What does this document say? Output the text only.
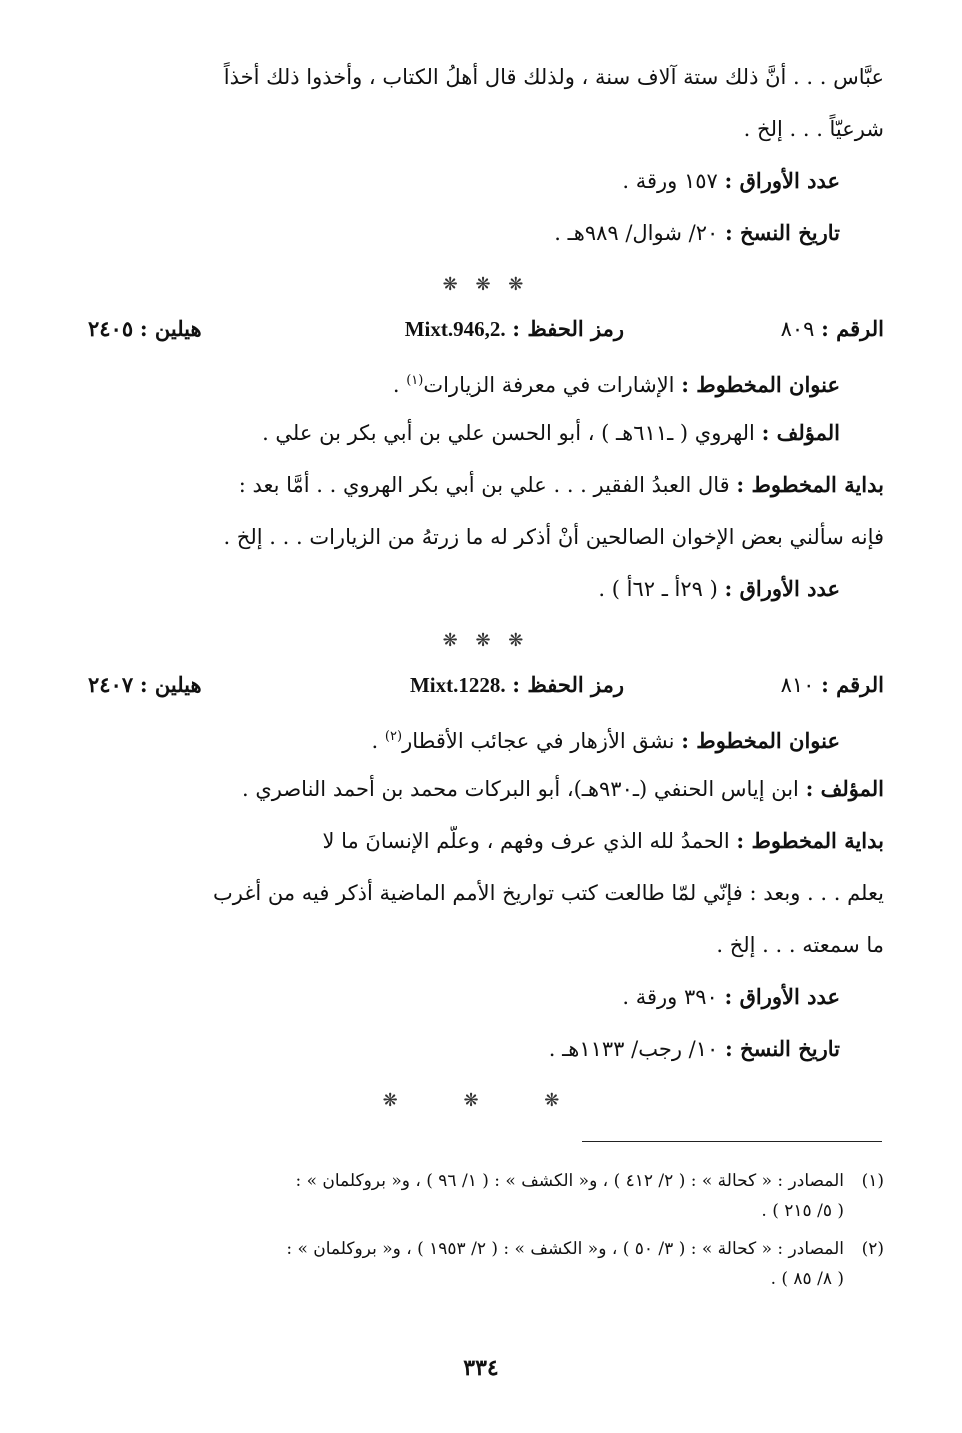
عبَّاس . . . أنَّ ذلك ستة آلاف سنة ، ولذلك قال أهلُ الكتاب ، وأخذوا ذلك أخذاً
شرعيّاً . . . إلخ .
عدد الأوراق : ١٥٧ ورقة .
تاريخ النسخ : ٢٠/ شوال/ ٩٨٩هـ .
❋ ❋ ❋
الرقم : ٨٠٩
رمز الحفظ : Mixt.946,2.
هيلين : ٢٤٠٥
عنوان المخطوط : الإشارات في معرفة الزيارات$^{(١)}$ .
المؤلف : الهروي ( ـ٦١١هـ ) ، أبو الحسن علي بن أبي بكر بن علي .
بداية المخطوط : قال العبدُ الفقير . . . علي بن أبي بكر الهروي . . أمَّا بعد :
فإنه سألني بعض الإخوان الصالحين أنْ أذكر له ما زرتهُ من الزيارات . . . إلخ .
عدد الأوراق : ( ٢٩أ ـ ٦٢أ ) .
❋ ❋ ❋
الرقم : ٨١٠
رمز الحفظ : Mixt.1228.
هيلين : ٢٤٠٧
عنوان المخطوط : نشق الأزهار في عجائب الأقطار$^{(٢)}$ .
المؤلف : ابن إياس الحنفي (ـ٩٣٠هـ)، أبو البركات محمد بن أحمد الناصري .
بداية المخطوط : الحمدُ لله الذي عرف وفهم ، وعلَّم الإنسانَ ما لا
يعلم . . . وبعد : فإنّي لمّا طالعت كتب تواريخ الأمم الماضية أذكر فيه من أغرب
ما سمعته . . . إلخ .
عدد الأوراق : ٣٩٠ ورقة .
تاريخ النسخ : ١٠/ رجب/ ١١٣٣هـ .
❋ ❋ ❋
(١)المصادر : « كحالة » : ( ٢/ ٤١٢ ) ، و« الكشف » : ( ١/ ٩٦ ) ، و« بروكلمان » :
( ٥/ ٢١٥ ) .
(٢)المصادر : « كحالة » : ( ٣/ ٥٠ ) ، و« الكشف » : ( ٢/ ١٩٥٣ ) ، و« بروكلمان » :
( ٨/ ٨٥ ) .
٣٣٤
